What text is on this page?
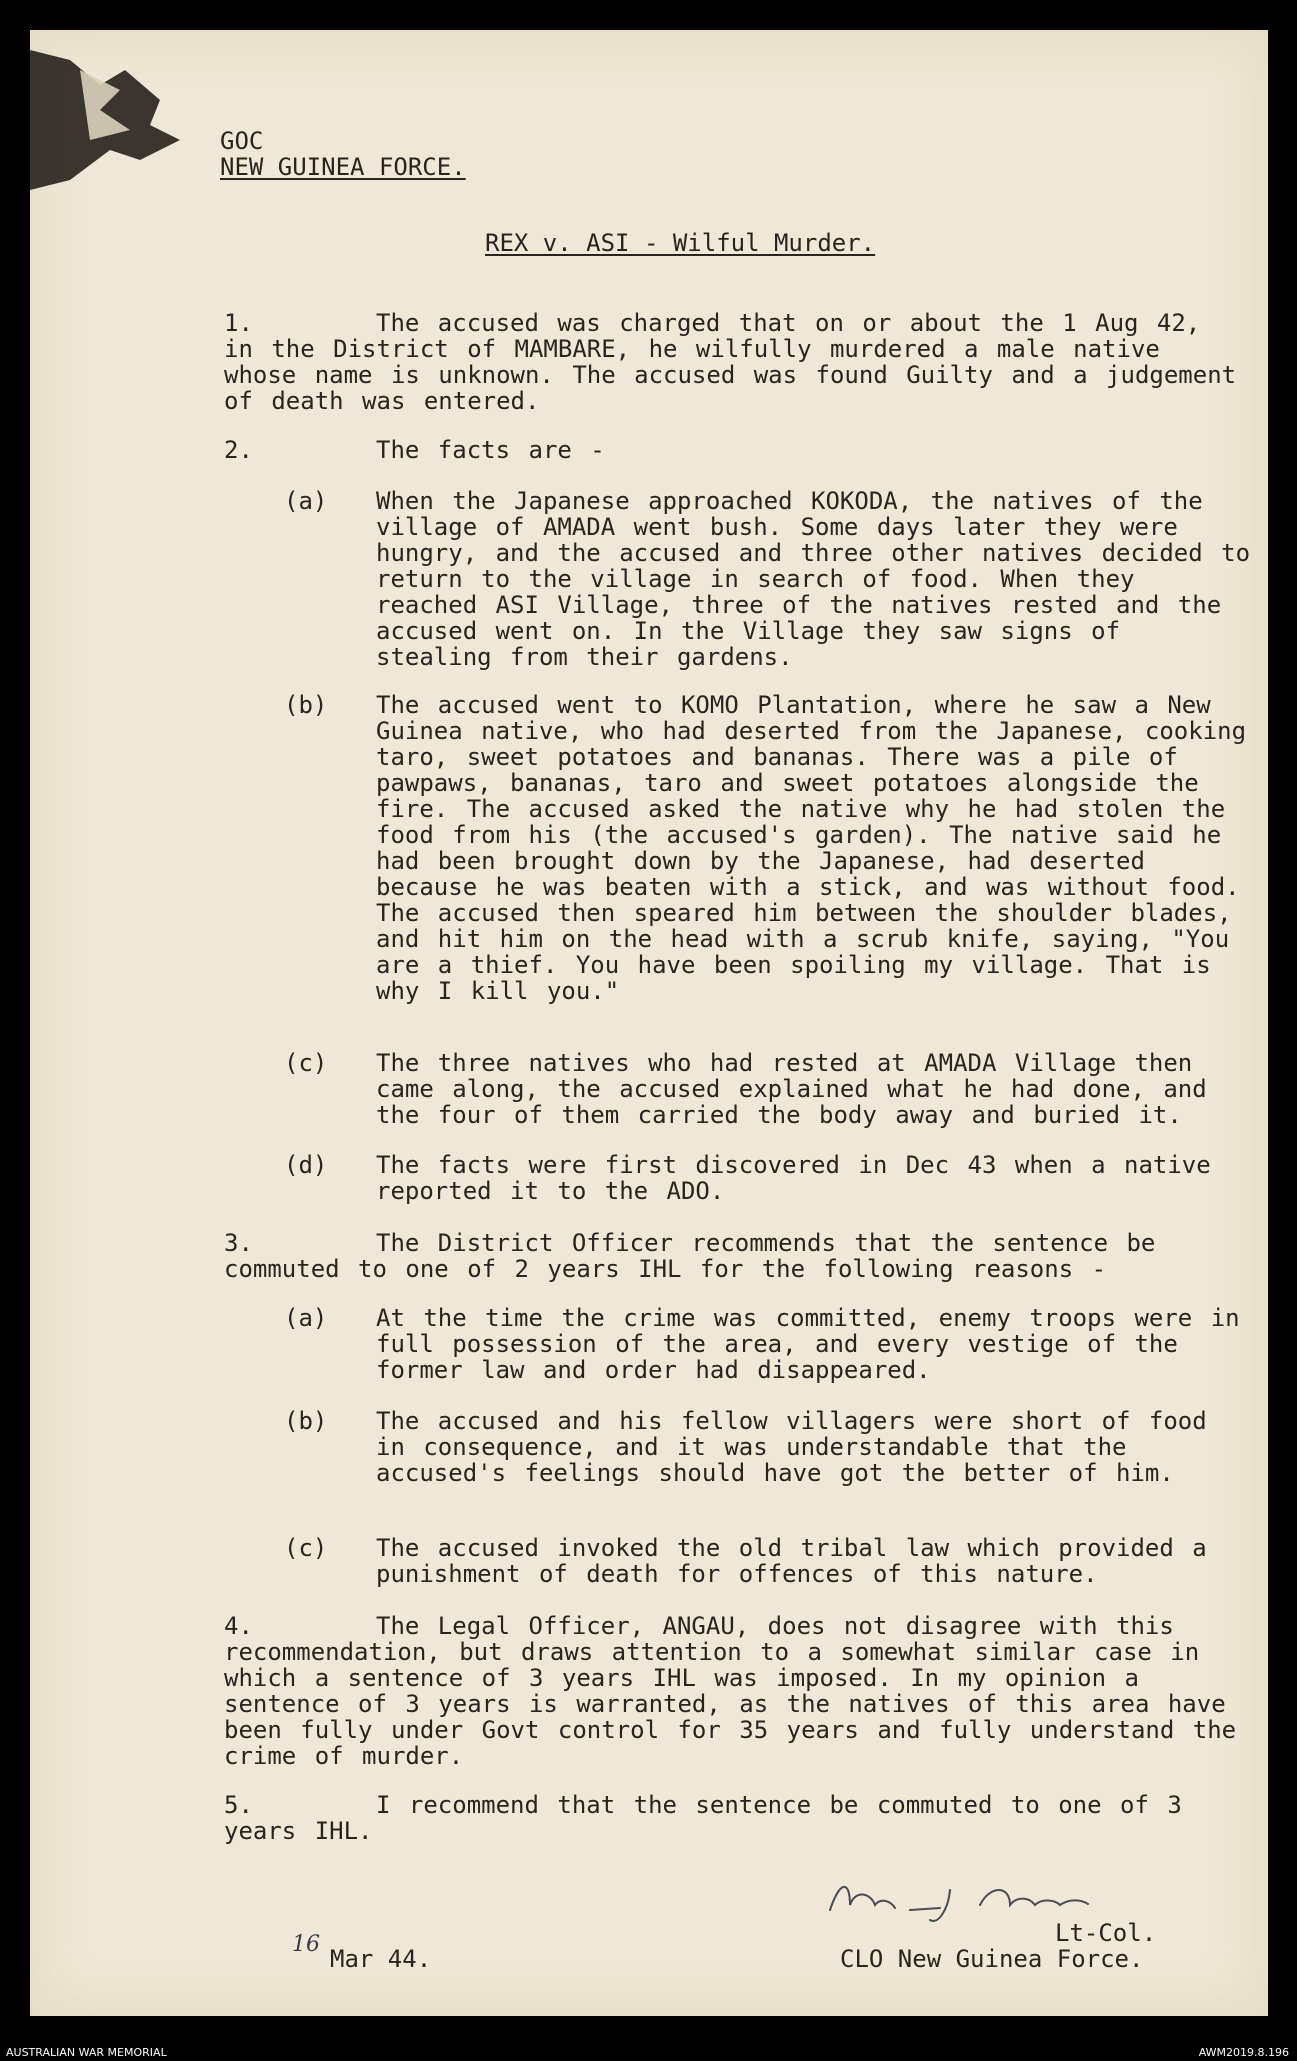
GOC
NEW GUINEA FORCE.
REX v. ASI - Wilful Murder.
1.	The accused was charged that on or about the 1 Aug 42, in the District of MAMBARE, he wilfully murdered a male native whose name is unknown. The accused was found Guilty and a judgement of death was entered.
2.	The facts are -
(a) When the Japanese approached KOKODA, the natives of the village of AMADA went bush. Some days later they were hungry, and the accused and three other natives decided to return to the village in search of food. When they reached ASI Village, three of the natives rested and the accused went on. In the Village they saw signs of stealing from their gardens.
(b) The accused went to KOMO Plantation, where he saw a New Guinea native, who had deserted from the Japanese, cooking taro, sweet potatoes and bananas. There was a pile of pawpaws, bananas, taro and sweet potatoes alongside the fire. The accused asked the native why he had stolen the food from his (the accused's garden). The native said he had been brought down by the Japanese, had deserted because he was beaten with a stick, and was without food. The accused then speared him between the shoulder blades, and hit him on the head with a scrub knife, saying, "You are a thief. You have been spoiling my village. That is why I kill you."
(c) The three natives who had rested at AMADA Village then came along, the accused explained what he had done, and the four of them carried the body away and buried it.
(d) The facts were first discovered in Dec 43 when a native reported it to the ADO.
3.	The District Officer recommends that the sentence be commuted to one of 2 years IHL for the following reasons -
(a) At the time the crime was committed, enemy troops were in full possession of the area, and every vestige of the former law and order had disappeared.
(b) The accused and his fellow villagers were short of food in consequence, and it was understandable that the accused's feelings should have got the better of him.
(c) The accused invoked the old tribal law which provided a punishment of death for offences of this nature.
4.	The Legal Officer, ANGAU, does not disagree with this recommendation, but draws attention to a somewhat similar case in which a sentence of 3 years IHL was imposed. In my opinion a sentence of 3 years is warranted, as the natives of this area have been fully under Govt control for 35 years and fully understand the crime of murder.
5.	I recommend that the sentence be commuted to one of 3 years IHL.
Lt-Col.
CLO New Guinea Force.
16
Mar 44.
AUSTRALIAN WAR MEMORIAL	AWM2019.8.196
